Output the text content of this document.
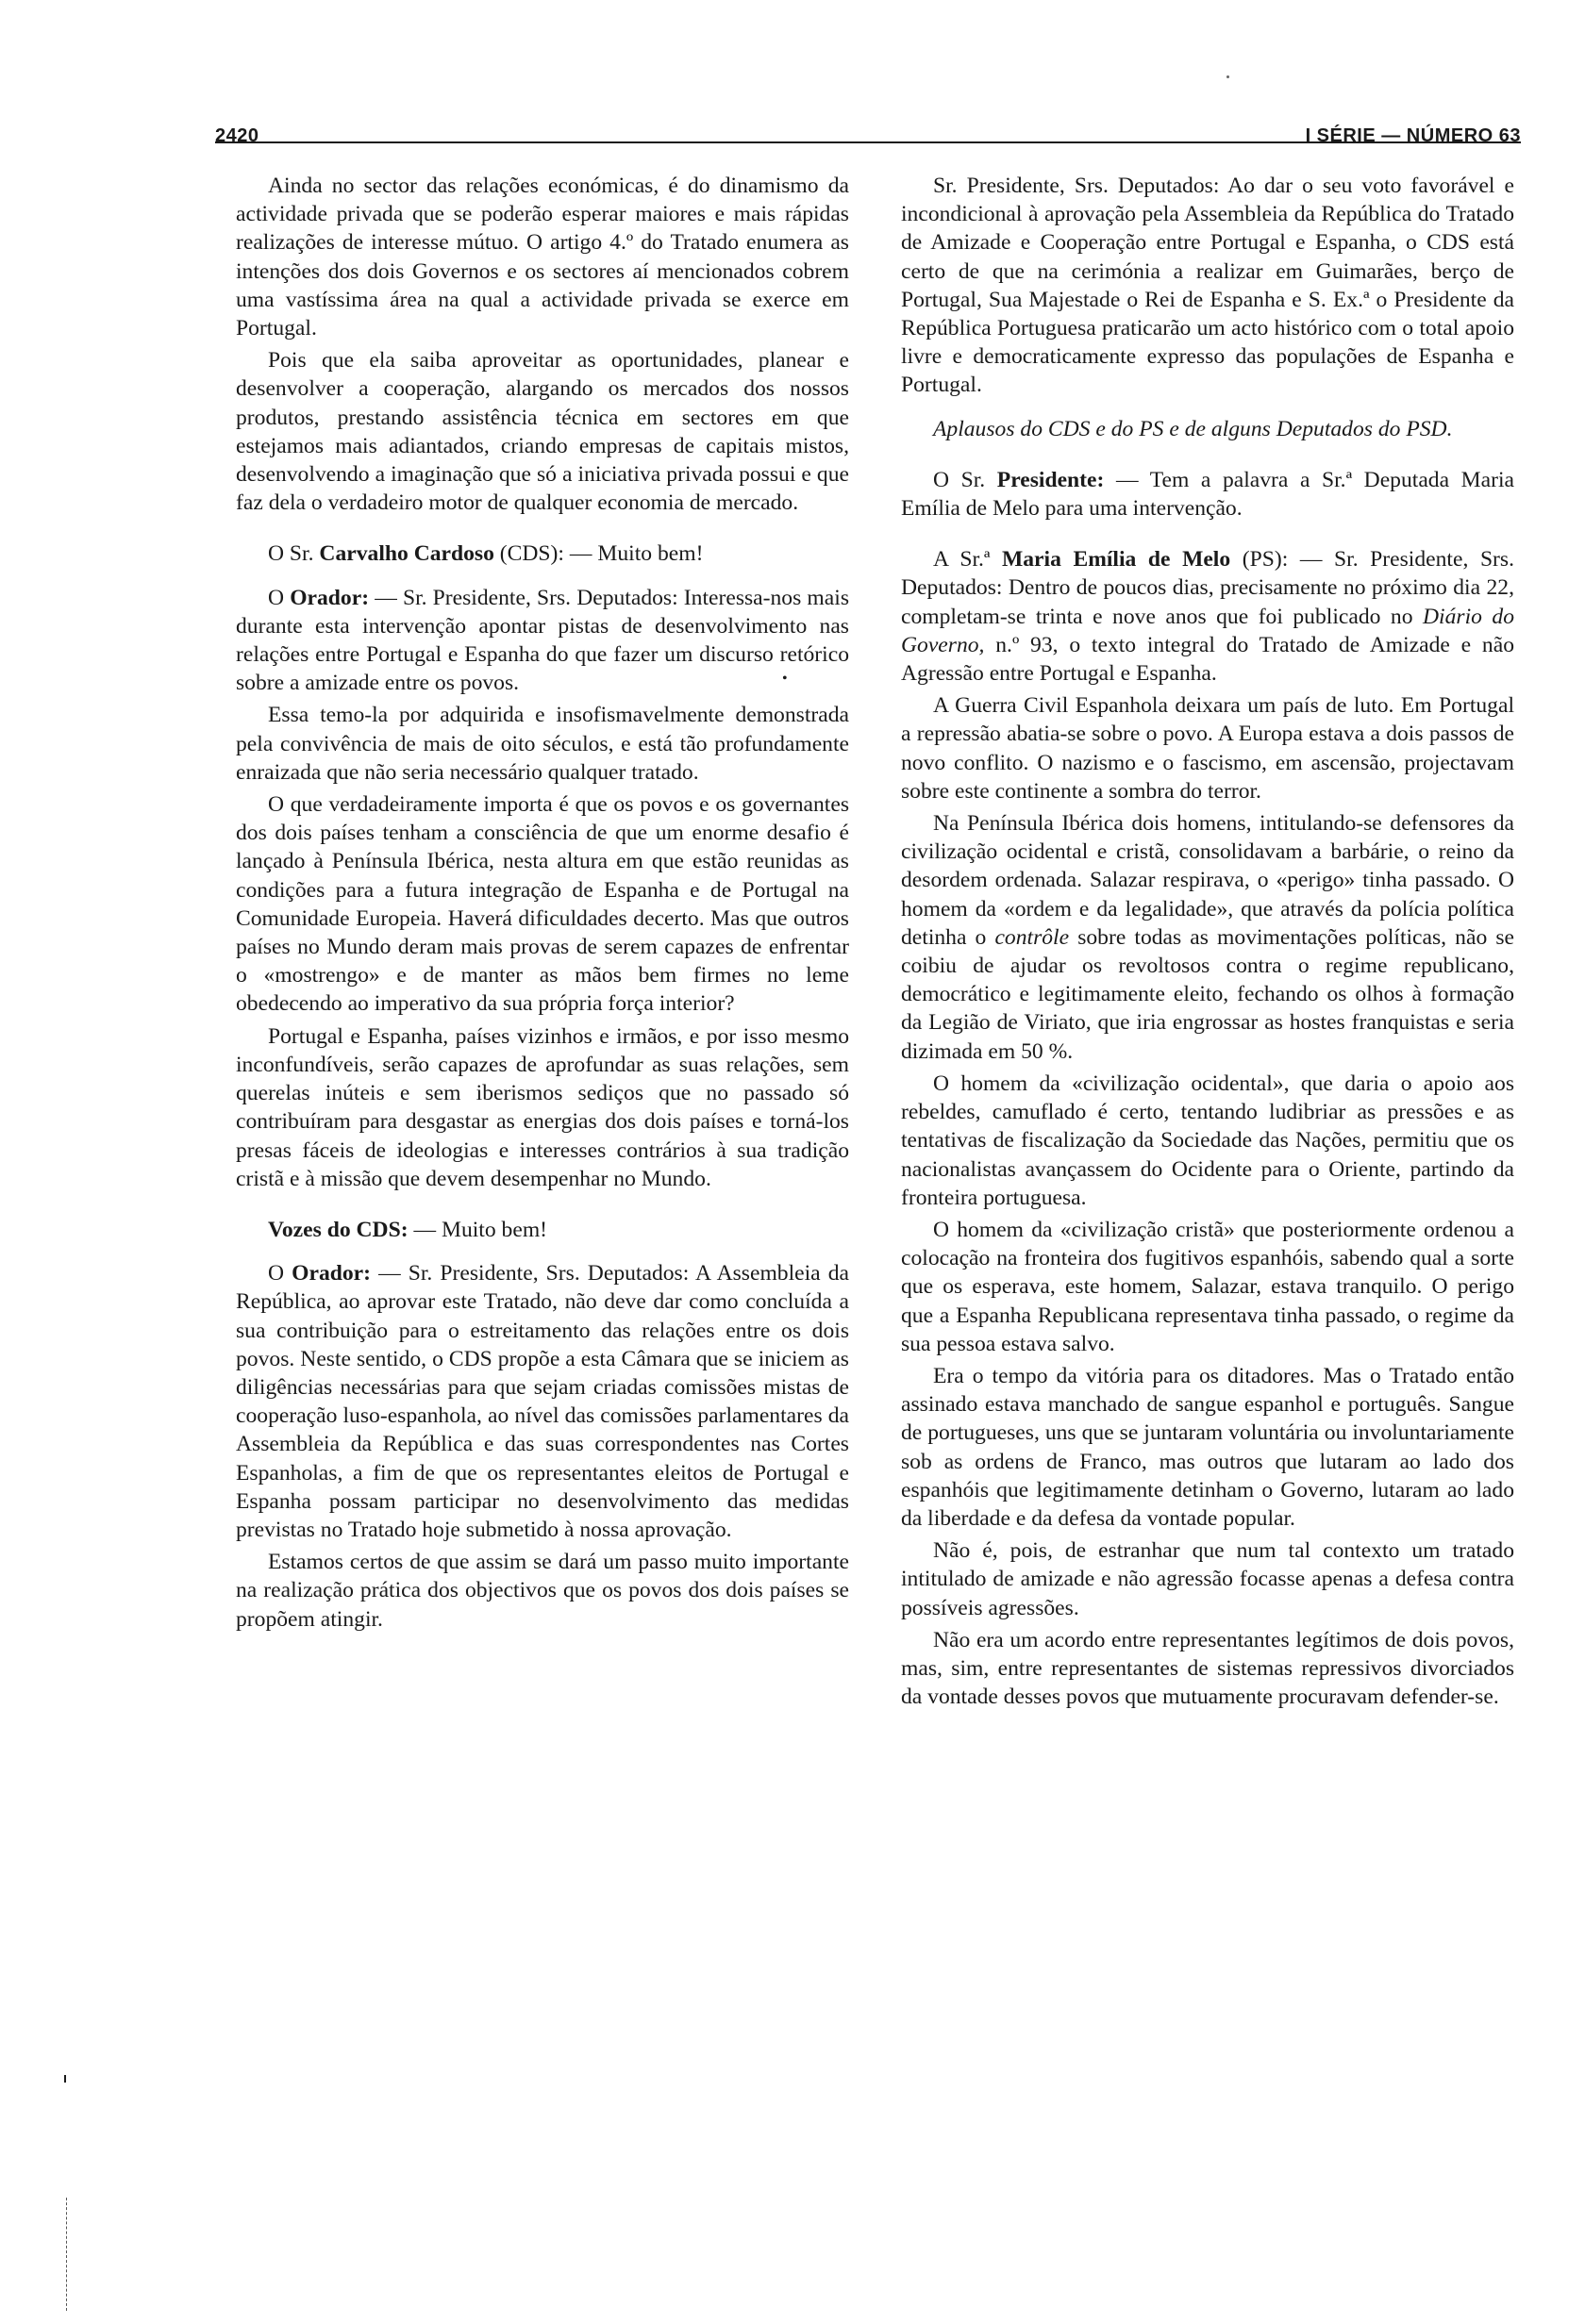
2420	I SÉRIE — NÚMERO 63

Ainda no sector das relações económicas, é do dinamismo da actividade privada que se poderão esperar maiores e mais rápidas realizações de interesse mútuo. O artigo 4.º do Tratado enumera as intenções dos dois Governos e os sectores aí mencionados cobrem uma vastíssima área na qual a actividade privada se exerce em Portugal.

Pois que ela saiba aproveitar as oportunidades, planear e desenvolver a cooperação, alargando os mercados dos nossos produtos, prestando assistência técnica em sectores em que estejamos mais adiantados, criando empresas de capitais mistos, desenvolvendo a imaginação que só a iniciativa privada possui e que faz dela o verdadeiro motor de qualquer economia de mercado.

O Sr. Carvalho Cardoso (CDS): — Muito bem!

O Orador: — Sr. Presidente, Srs. Deputados: Interessa-nos mais durante esta intervenção apontar pistas de desenvolvimento nas relações entre Portugal e Espanha do que fazer um discurso retórico sobre a amizade entre os povos.

Essa temo-la por adquirida e insofismavelmente demonstrada pela convivência de mais de oito séculos, e está tão profundamente enraizada que não seria necessário qualquer tratado.

O que verdadeiramente importa é que os povos e os governantes dos dois países tenham a consciência de que um enorme desafio é lançado à Península Ibérica, nesta altura em que estão reunidas as condições para a futura integração de Espanha e de Portugal na Comunidade Europeia. Haverá dificuldades decerto. Mas que outros países no Mundo deram mais provas de serem capazes de enfrentar o «mostrengo» e de manter as mãos bem firmes no leme obedecendo ao imperativo da sua própria força interior?

Portugal e Espanha, países vizinhos e irmãos, e por isso mesmo inconfundíveis, serão capazes de aprofundar as suas relações, sem querelas inúteis e sem iberismos sediços que no passado só contribuíram para desgastar as energias dos dois países e torná-los presas fáceis de ideologias e interesses contrários à sua tradição cristã e à missão que devem desempenhar no Mundo.

Vozes do CDS: — Muito bem!

O Orador: — Sr. Presidente, Srs. Deputados: A Assembleia da República, ao aprovar este Tratado, não deve dar como concluída a sua contribuição para o estreitamento das relações entre os dois povos. Neste sentido, o CDS propõe a esta Câmara que se iniciem as diligências necessárias para que sejam criadas comissões mistas de cooperação luso-espanhola, ao nível das comissões parlamentares da Assembleia da República e das suas correspondentes nas Cortes Espanholas, a fim de que os representantes eleitos de Portugal e Espanha possam participar no desenvolvimento das medidas previstas no Tratado hoje submetido à nossa aprovação.

Estamos certos de que assim se dará um passo muito importante na realização prática dos objectivos que os povos dos dois países se propõem atingir.

Sr. Presidente, Srs. Deputados: Ao dar o seu voto favorável e incondicional à aprovação pela Assembleia da República do Tratado de Amizade e Cooperação entre Portugal e Espanha, o CDS está certo de que na cerimónia a realizar em Guimarães, berço de Portugal, Sua Majestade o Rei de Espanha e S. Ex.ª o Presidente da República Portuguesa praticarão um acto histórico com o total apoio livre e democraticamente expresso das populações de Espanha e Portugal.

Aplausos do CDS e do PS e de alguns Deputados do PSD.

O Sr. Presidente: — Tem a palavra a Sr.ª Deputada Maria Emília de Melo para uma intervenção.

A Sr.ª Maria Emília de Melo (PS): — Sr. Presidente, Srs. Deputados: Dentro de poucos dias, precisamente no próximo dia 22, completam-se trinta e nove anos que foi publicado no Diário do Governo, n.º 93, o texto integral do Tratado de Amizade e não Agressão entre Portugal e Espanha.

A Guerra Civil Espanhola deixara um país de luto. Em Portugal a repressão abatia-se sobre o povo. A Europa estava a dois passos de novo conflito. O nazismo e o fascismo, em ascensão, projectavam sobre este continente a sombra do terror.

Na Península Ibérica dois homens, intitulando-se defensores da civilização ocidental e cristã, consolidavam a barbárie, o reino da desordem ordenada. Salazar respirava, o «perigo» tinha passado. O homem da «ordem e da legalidade», que através da polícia política detinha o contrôle sobre todas as movimentações políticas, não se coibiu de ajudar os revoltosos contra o regime republicano, democrático e legitimamente eleito, fechando os olhos à formação da Legião de Viriato, que iria engrossar as hostes franquistas e seria dizimada em 50 %.

O homem da «civilização ocidental», que daria o apoio aos rebeldes, camuflado é certo, tentando ludibriar as pressões e as tentativas de fiscalização da Sociedade das Nações, permitiu que os nacionalistas avançassem do Ocidente para o Oriente, partindo da fronteira portuguesa.

O homem da «civilização cristã» que posteriormente ordenou a colocação na fronteira dos fugitivos espanhóis, sabendo qual a sorte que os esperava, este homem, Salazar, estava tranquilo. O perigo que a Espanha Republicana representava tinha passado, o regime da sua pessoa estava salvo.

Era o tempo da vitória para os ditadores. Mas o Tratado então assinado estava manchado de sangue espanhol e português. Sangue de portugueses, uns que se juntaram voluntária ou involuntariamente sob as ordens de Franco, mas outros que lutaram ao lado dos espanhóis que legitimamente detinham o Governo, lutaram ao lado da liberdade e da defesa da vontade popular.

Não é, pois, de estranhar que num tal contexto um tratado intitulado de amizade e não agressão focasse apenas a defesa contra possíveis agressões.

Não era um acordo entre representantes legítimos de dois povos, mas, sim, entre representantes de sistemas repressivos divorciados da vontade desses povos que mutuamente procuravam defender-se.

•
